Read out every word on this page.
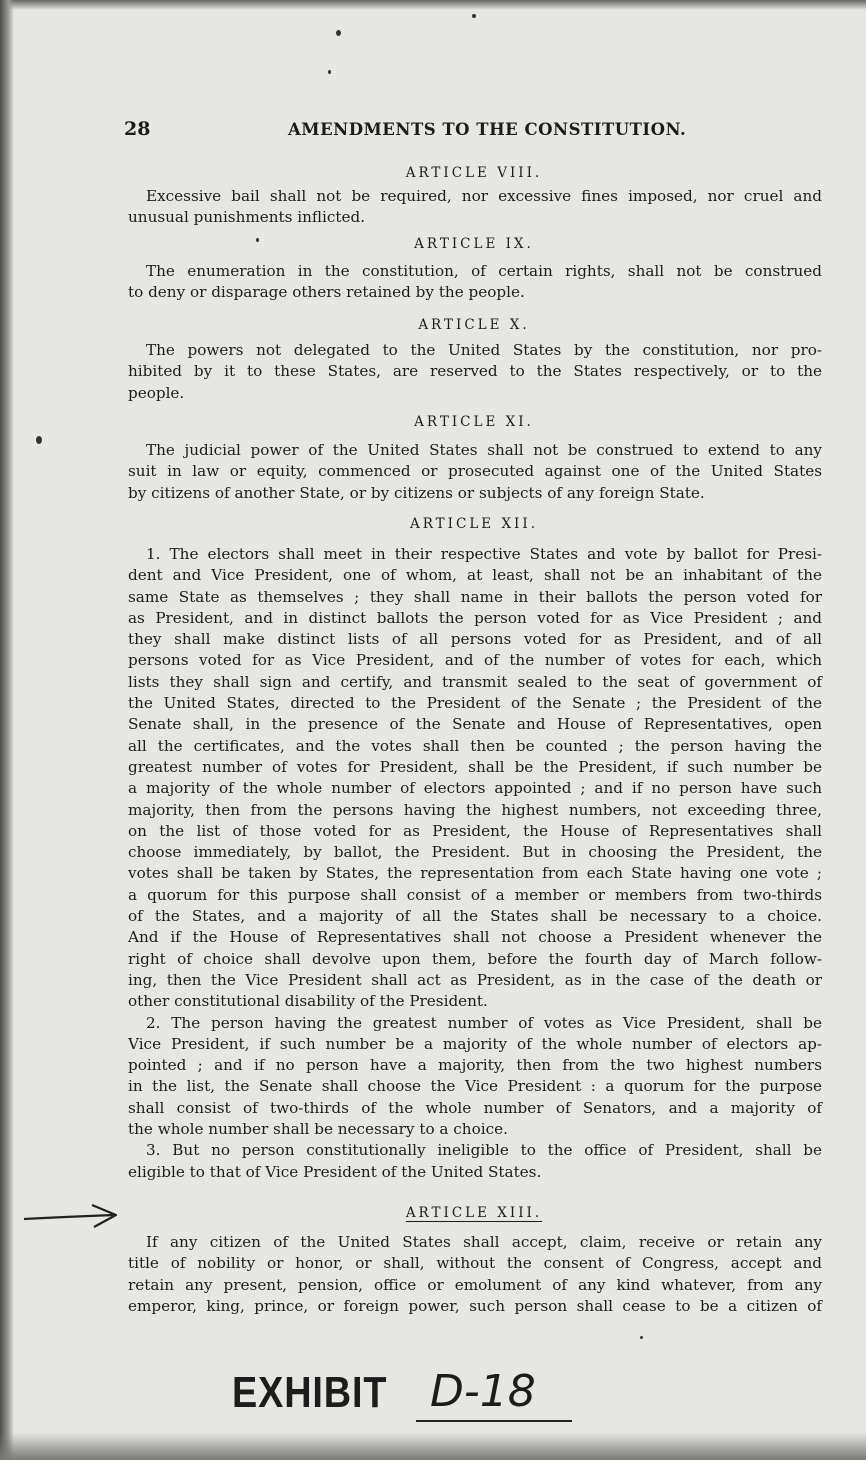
28	AMENDMENTS TO THE CONSTITUTION.
ARTICLE VIII.
Excessive bail shall not be required, nor excessive fines imposed, nor cruel and
unusual punishments inflicted.
ARTICLE IX.
The enumeration in the constitution, of certain rights, shall not be construed
to deny or disparage others retained by the people.
ARTICLE X.
The powers not delegated to the United States by the constitution, nor pro-
hibited by it to these States, are reserved to the States respectively, or to the
people.
ARTICLE XI.
The judicial power of the United States shall not be construed to extend to any
suit in law or equity, commenced or prosecuted against one of the United States
by citizens of another State, or by citizens or subjects of any foreign State.
ARTICLE XII.
1. The electors shall meet in their respective States and vote by ballot for Presi-
dent and Vice President, one of whom, at least, shall not be an inhabitant of the
same State as themselves ; they shall name in their ballots the person voted for
as President, and in distinct ballots the person voted for as Vice President ; and
they shall make distinct lists of all persons voted for as President, and of all
persons voted for as Vice President, and of the number of votes for each, which
lists they shall sign and certify, and transmit sealed to the seat of government of
the United States, directed to the President of the Senate ; the President of the
Senate shall, in the presence of the Senate and House of Representatives, open
all the certificates, and the votes shall then be counted ; the person having the
greatest number of votes for President, shall be the President, if such number be
a majority of the whole number of electors appointed ; and if no person have such
majority, then from the persons having the highest numbers, not exceeding three,
on the list of those voted for as President, the House of Representatives shall
choose immediately, by ballot, the President. But in choosing the President, the
votes shall be taken by States, the representation from each State having one vote ;
a quorum for this purpose shall consist of a member or members from two-thirds
of the States, and a majority of all the States shall be necessary to a choice.
And if the House of Representatives shall not choose a President whenever the
right of choice shall devolve upon them, before the fourth day of March follow-
ing, then the Vice President shall act as President, as in the case of the death or
other constitutional disability of the President.
2. The person having the greatest number of votes as Vice President, shall be
Vice President, if such number be a majority of the whole number of electors ap-
pointed ; and if no person have a majority, then from the two highest numbers
in the list, the Senate shall choose the Vice President : a quorum for the purpose
shall consist of two-thirds of the whole number of Senators, and a majority of
the whole number shall be necessary to a choice.
3. But no person constitutionally ineligible to the office of President, shall be
eligible to that of Vice President of the United States.
ARTICLE XIII.
If any citizen of the United States shall accept, claim, receive or retain any
title of nobility or honor, or shall, without the consent of Congress, accept and
retain any present, pension, office or emolument of any kind whatever, from any
emperor, king, prince, or foreign power, such person shall cease to be a citizen of
EXHIBIT D-18
